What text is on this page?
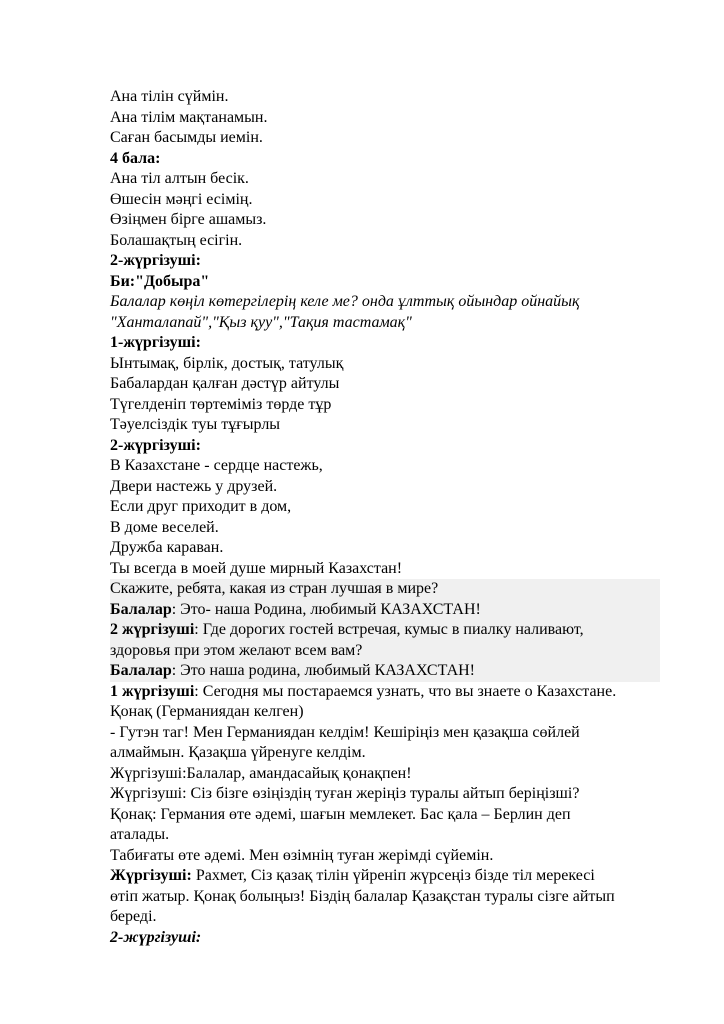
Ана тілін сүймін.
Ана тілім мақтанамын.
Саған басымды иемін.
4 бала:
Ана тіл алтын бесік.
Өшесін мәңгі есімің.
Өзіңмен бірге ашамыз.
Болашақтың есігін.
2-жүргізуші:
Би:"Добыра"
Балалар көңіл көтергілерің келе ме? онда ұлттық ойындар ойнайық
"Ханталапай","Қыз қуу","Тақия тастамақ"
1-жүргізуші:
Ынтымақ, бірлік, достық, татулық
Бабалардан қалған дәстүр айтулы
Түгелденіп төртеміміз төрде тұр
Тәуелсіздік туы тұғырлы
2-жүргізуші:
В Казахстане - сердце настежь,
Двери настежь у друзей.
Если друг приходит в дом,
В доме веселей.
Дружба караван.
Ты всегда в моей душе мирный Казахстан!
Скажите, ребята, какая из стран лучшая в мире?
Балалар: Это- наша Родина, любимый КАЗАХСТАН!
2 жүргізуші: Где дорогих гостей встречая, кумыс в пиалку наливают,
здоровья при этом желают всем вам?
Балалар: Это наша родина, любимый КАЗАХСТАН!
1 жүргізуші: Сегодня мы постараемся узнать, что вы знаете о Казахстане.
Қонақ (Германиядан келген)
- Гутэн таг! Мен Германиядан келдім! Кешіріңіз мен қазақша сөйлей
алмаймын. Қазақша үйренуге келдім.
Жүргізуші:Балалар, амандасайық қонақпен!
Жүргізуші: Сіз бізге өзіңіздің туған жеріңіз туралы айтып беріңізші?
Қонақ: Германия өте әдемі, шағын мемлекет. Бас қала – Берлин деп
аталады.
Табиғаты өте әдемі. Мен өзімнің туған жерімді сүйемін.
Жүргізуші: Рахмет, Сіз қазақ тілін үйреніп жүрсеңіз бізде тіл мерекесі
өтіп жатыр. Қонақ болыңыз! Біздің балалар Қазақстан туралы сізге айтып
береді.
2-жүргізуші:
